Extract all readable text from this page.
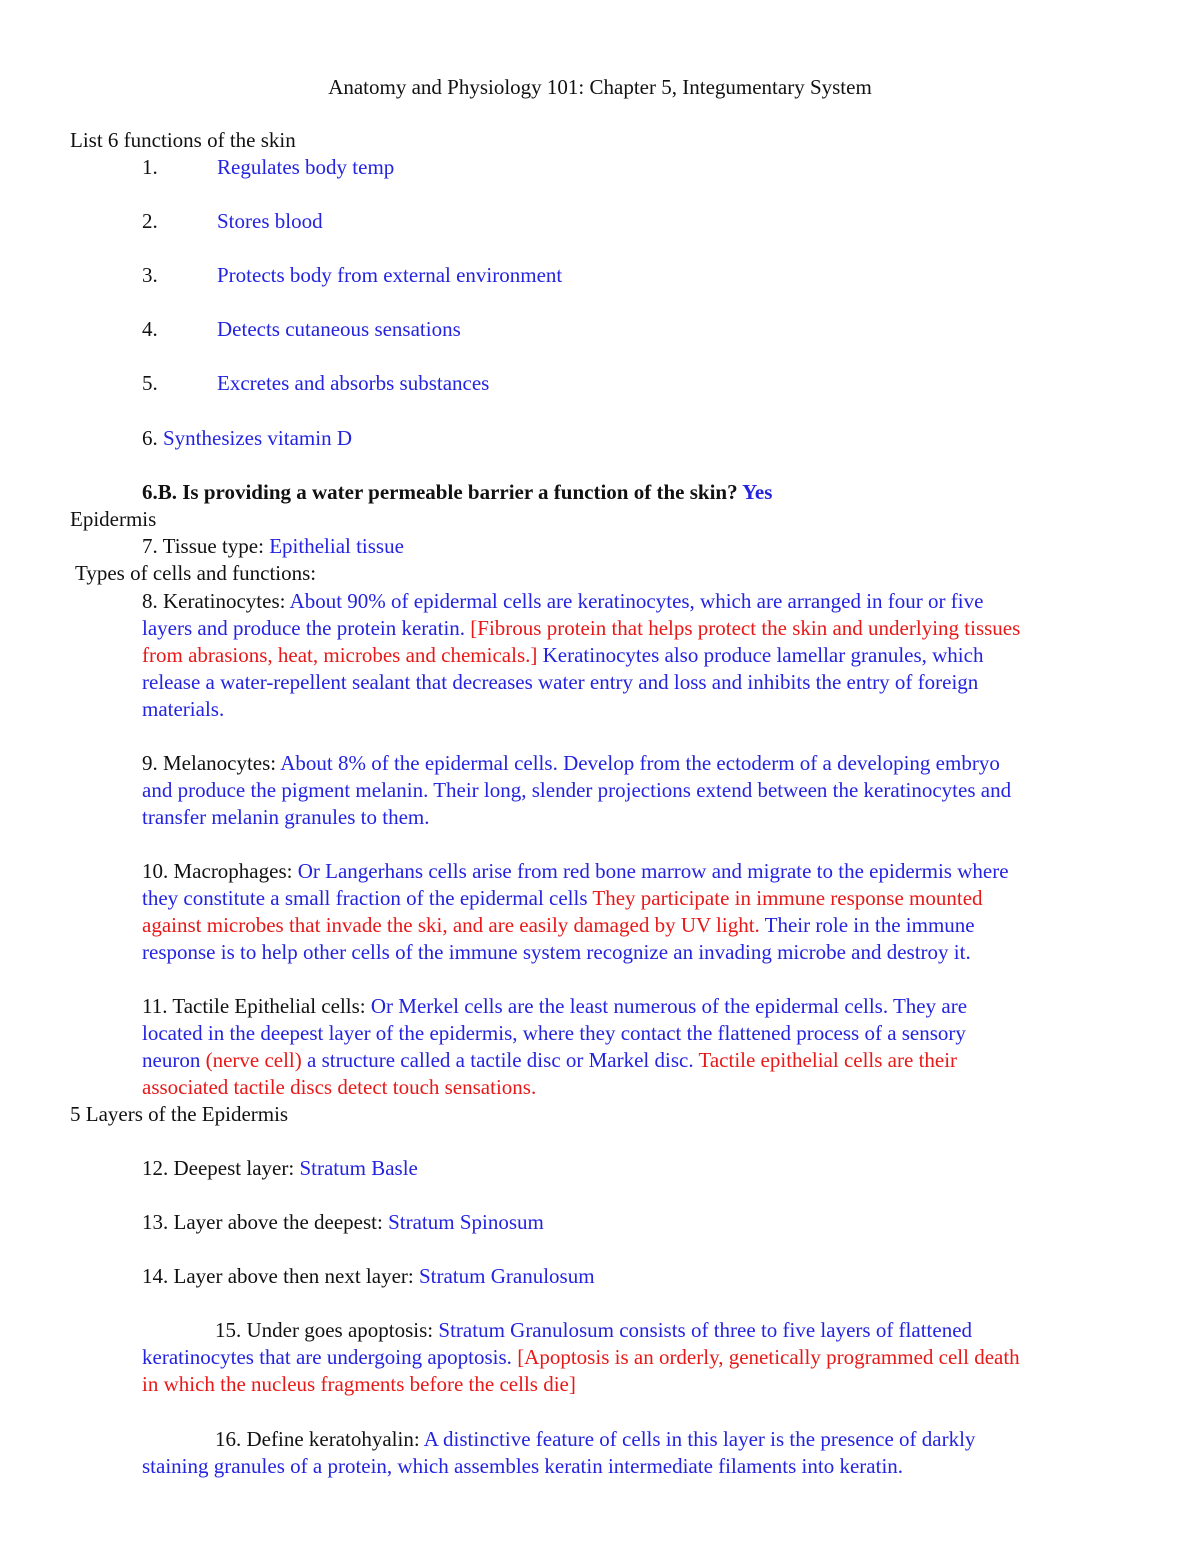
Anatomy and Physiology 101: Chapter 5, Integumentary System
List 6 functions of the skin
1.	Regulates body temp
2.	Stores blood
3.	Protects body from external environment
4.	Detects cutaneous sensations
5.	Excretes and absorbs substances
6. Synthesizes vitamin D
6.B. Is providing a water permeable barrier a function of the skin? Yes
Epidermis
7. Tissue type: Epithelial tissue
Types of cells and functions:
8. Keratinocytes: About 90% of epidermal cells are keratinocytes, which are arranged in four or five
layers and produce the protein keratin. [Fibrous protein that helps protect the skin and underlying tissues
from abrasions, heat, microbes and chemicals.] Keratinocytes also produce lamellar granules, which
release a water-repellent sealant that decreases water entry and loss and inhibits the entry of foreign
materials.
9. Melanocytes: About 8% of the epidermal cells. Develop from the ectoderm of a developing embryo
and produce the pigment melanin. Their long, slender projections extend between the keratinocytes and
transfer melanin granules to them.
10. Macrophages: Or Langerhans cells arise from red bone marrow and migrate to the epidermis where
they constitute a small fraction of the epidermal cells They participate in immune response mounted
against microbes that invade the ski, and are easily damaged by UV light. Their role in the immune
response is to help other cells of the immune system recognize an invading microbe and destroy it.
11. Tactile Epithelial cells: Or Merkel cells are the least numerous of the epidermal cells. They are
located in the deepest layer of the epidermis, where they contact the flattened process of a sensory
neuron (nerve cell) a structure called a tactile disc or Markel disc. Tactile epithelial cells are their
associated tactile discs detect touch sensations.
5 Layers of the Epidermis
12. Deepest layer: Stratum Basle
13. Layer above the deepest: Stratum Spinosum
14. Layer above then next layer: Stratum Granulosum
15. Under goes apoptosis: Stratum Granulosum consists of three to five layers of flattened
keratinocytes that are undergoing apoptosis. [Apoptosis is an orderly, genetically programmed cell death
in which the nucleus fragments before the cells die]
16. Define keratohyalin: A distinctive feature of cells in this layer is the presence of darkly
staining granules of a protein, which assembles keratin intermediate filaments into keratin.
